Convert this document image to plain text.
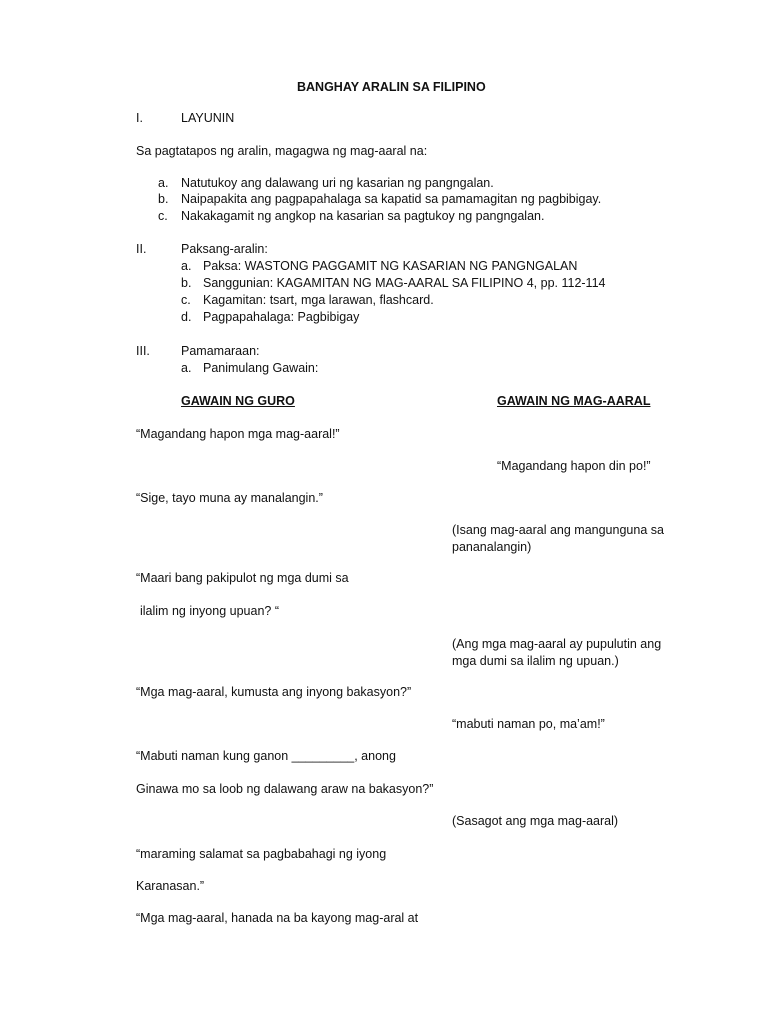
BANGHAY ARALIN SA FILIPINO
I.	LAYUNIN
Sa pagtatapos ng aralin, magagwa ng mag-aaral na:
a. Natutukoy ang dalawang uri ng kasarian ng pangngalan.
b. Naipapakita ang pagpapahalaga sa kapatid sa pamamagitan ng pagbibigay.
c. Nakakagamit ng angkop na kasarian sa pagtukoy ng pangngalan.
II.	Paksang-aralin:
a. Paksa: WASTONG PAGGAMIT NG KASARIAN NG PANGNGALAN
b. Sanggunian: KAGAMITAN NG MAG-AARAL SA FILIPINO 4, pp. 112-114
c. Kagamitan: tsart, mga larawan, flashcard.
d. Pagpapahalaga: Pagbibigay
III. Pamamaraan:
a. Panimulang Gawain:
GAWAIN NG GURO	GAWAIN NG MAG-AARAL
“Magandang hapon mga mag-aaral!”
“Magandang hapon din po!”
“Sige, tayo muna ay manalangin.”
(Isang mag-aaral ang mangunguna sa
pananalangin)
“Maari bang pakipulot ng mga dumi sa
ilalim ng inyong upuan? “
(Ang mga mag-aaral ay pupulutin ang
mga dumi sa ilalim ng upuan.)
“Mga mag-aaral, kumusta ang inyong bakasyon?”
“mabuti naman po, ma’am!”
“Mabuti naman kung ganon _________, anong
Ginawa mo sa loob ng dalawang araw na bakasyon?”
(Sasagot ang mga mag-aaral)
“maraming salamat sa pagbabahagi ng iyong
Karanasan.”
“Mga mag-aaral, hanada na ba kayong mag-aral at
